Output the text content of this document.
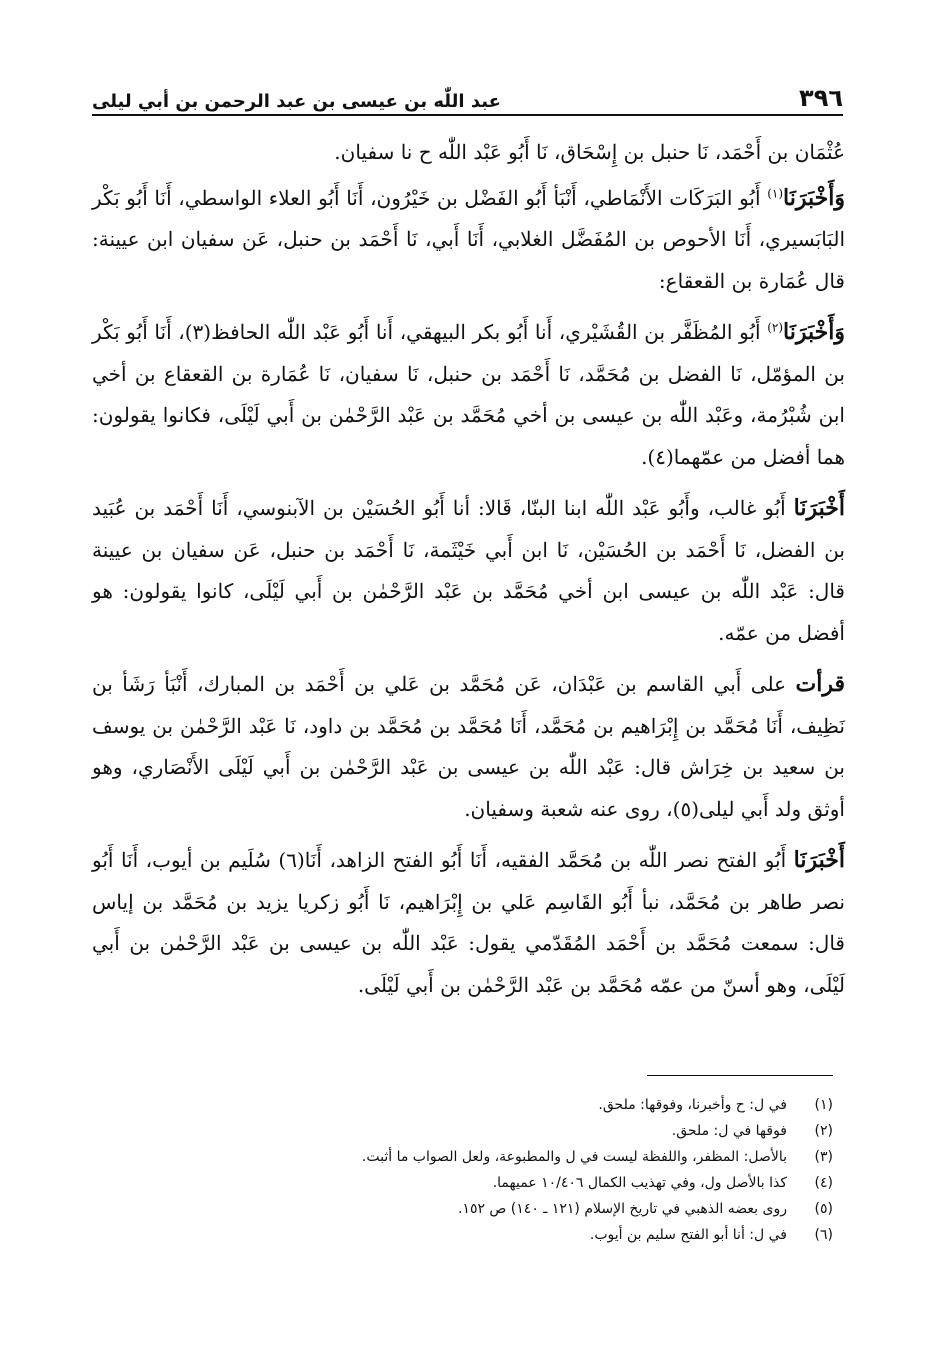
٣٩٦
عبد اللّٰه بن عيسى بن عبد الرحمن بن أبي ليلى

عُثْمَان بن أَحْمَد، نَا حنبل بن إِسْحَاق، نَا أَبُو عَبْد اللّٰه ح نا سفيان.

وَأَخْبَرَنَا$^{(١)}$ أَبُو البَرَكَات الأَنْمَاطي، أَنْبَأ أَبُو الفَضْل بن خَيْرُون، أَنَا أَبُو العلاء الواسطي، أَنَا أَبُو بَكْر البَابَسيري، أَنَا الأحوص بن المُفَضَّل الغلابي، أَنَا أَبي، نَا أَحْمَد بن حنبل، عَن سفيان ابن عيينة: قال عُمَارة بن القعقاع:

وَأَخْبَرَنَا$^{(٢)}$ أَبُو المُظَفَّر بن القُشَيْري، أَنا أَبُو بكر البيهقي، أَنا أَبُو عَبْد اللّٰه الحافظ(٣)، أَنَا أَبُو بَكْر بن المؤمّل، نَا الفضل بن مُحَمَّد، نَا أَحْمَد بن حنبل، نَا سفيان، نَا عُمَارة بن القعقاع بن أخي ابن شُبْرُمة، وعَبْد اللّٰه بن عيسى بن أخي مُحَمَّد بن عَبْد الرَّحْمٰن بن أَبي لَيْلَى، فكانوا يقولون: هما أفضل من عمّهما(٤).

أَخْبَرَنَا أَبُو غالب، وأَبُو عَبْد اللّٰه ابنا البنّا، قَالا: أنا أَبُو الحُسَيْن بن الآبنوسي، أَنَا أَحْمَد بن عُبَيد بن الفضل، نَا أَحْمَد بن الحُسَيْن، نَا ابن أَبي خَيْثَمة، نَا أَحْمَد بن حنبل، عَن سفيان بن عيينة قال: عَبْد اللّٰه بن عيسى ابن أخي مُحَمَّد بن عَبْد الرَّحْمٰن بن أَبي لَيْلَى، كانوا يقولون: هو أفضل من عمّه.

قرأت على أَبي القاسم بن عَبْدَان، عَن مُحَمَّد بن عَلي بن أَحْمَد بن المبارك، أَنْبَأ رَشَأ بن نَظِيف، أَنَا مُحَمَّد بن إِبْرَاهيم بن مُحَمَّد، أَنَا مُحَمَّد بن مُحَمَّد بن داود، نَا عَبْد الرَّحْمٰن بن يوسف بن سعيد بن خِرَاش قال: عَبْد اللّٰه بن عيسى بن عَبْد الرَّحْمٰن بن أَبي لَيْلَى الأَنْصَاري، وهو أوثق ولد أَبي ليلى(٥)، روى عنه شعبة وسفيان.

أَخْبَرَنَا أَبُو الفتح نصر اللّٰه بن مُحَمَّد الفقيه، أَنَا أَبُو الفتح الزاهد، أَنَا(٦) سُلَيم بن أيوب، أَنَا أَبُو نصر طاهر بن مُحَمَّد، نبأ أَبُو القَاسِم عَلي بن إِبْرَاهيم، نَا أَبُو زكريا يزيد بن مُحَمَّد بن إياس قال: سمعت مُحَمَّد بن أَحْمَد المُقَدّمي يقول: عَبْد اللّٰه بن عيسى بن عَبْد الرَّحْمٰن بن أَبي لَيْلَى، وهو أسنّ من عمّه مُحَمَّد بن عَبْد الرَّحْمٰن بن أَبي لَيْلَى.

(١)
في ل: ح وأخبرنا، وفوقها: ملحق.
(٢)
فوقها في ل: ملحق.
(٣)
بالأصل: المظفر، واللفظة ليست في ل والمطبوعة، ولعل الصواب ما أثبت.
(٤)
كذا بالأصل ول، وفي تهذيب الكمال ١٠/٤٠٦ عميهما.
(٥)
روى بعضه الذهبي في تاريخ الإسلام (١٢١ ـ ١٤٠) ص ١٥٢.
(٦)
في ل: أنا أبو الفتح سليم بن أيوب.
